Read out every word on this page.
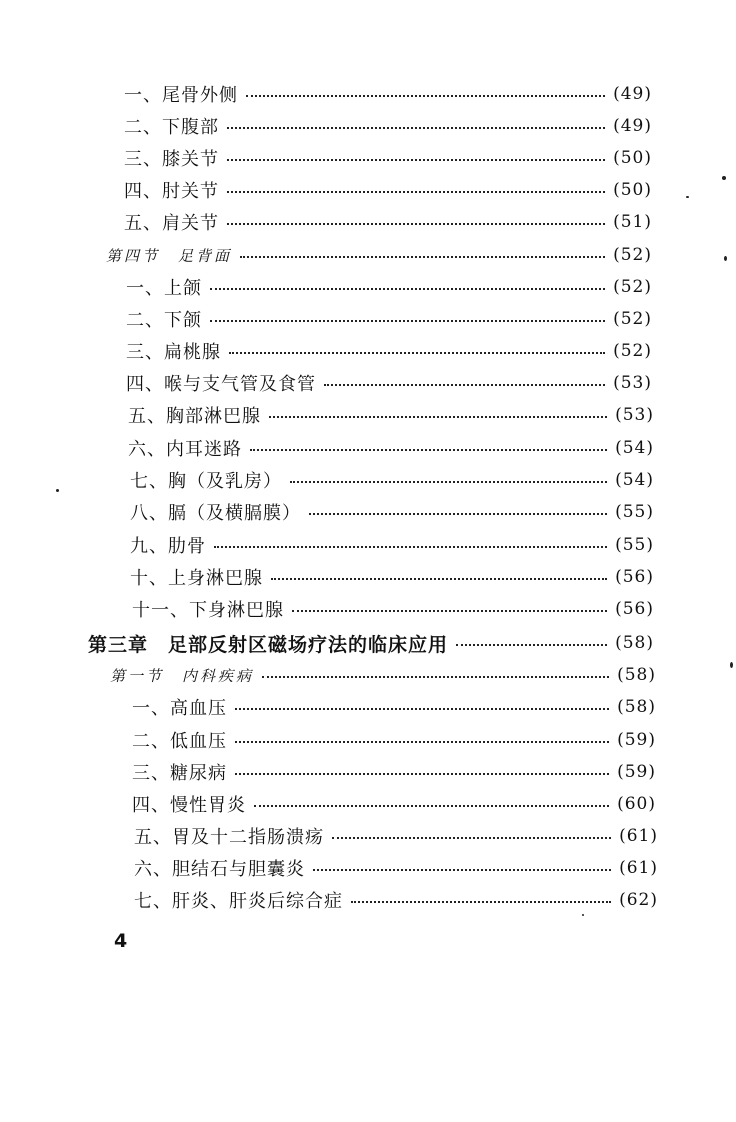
一、尾骨外侧	(49)
二、下腹部	(49)
三、膝关节	(50)
四、肘关节	(50)
五、肩关节	(51)
第四节　足背面	(52)
一、上颌	(52)
二、下颌	(52)
三、扁桃腺	(52)
四、喉与支气管及食管	(53)
五、胸部淋巴腺	(53)
六、内耳迷路	(54)
七、胸（及乳房）	(54)
八、膈（及横膈膜）	(55)
九、肋骨	(55)
十、上身淋巴腺	(56)
十一、下身淋巴腺	(56)
第三章　足部反射区磁场疗法的临床应用	(58)
第一节　内科疾病	(58)
一、高血压	(58)
二、低血压	(59)
三、糖尿病	(59)
四、慢性胃炎	(60)
五、胃及十二指肠溃疡	(61)
六、胆结石与胆囊炎	(61)
七、肝炎、肝炎后综合症	(62)
4
